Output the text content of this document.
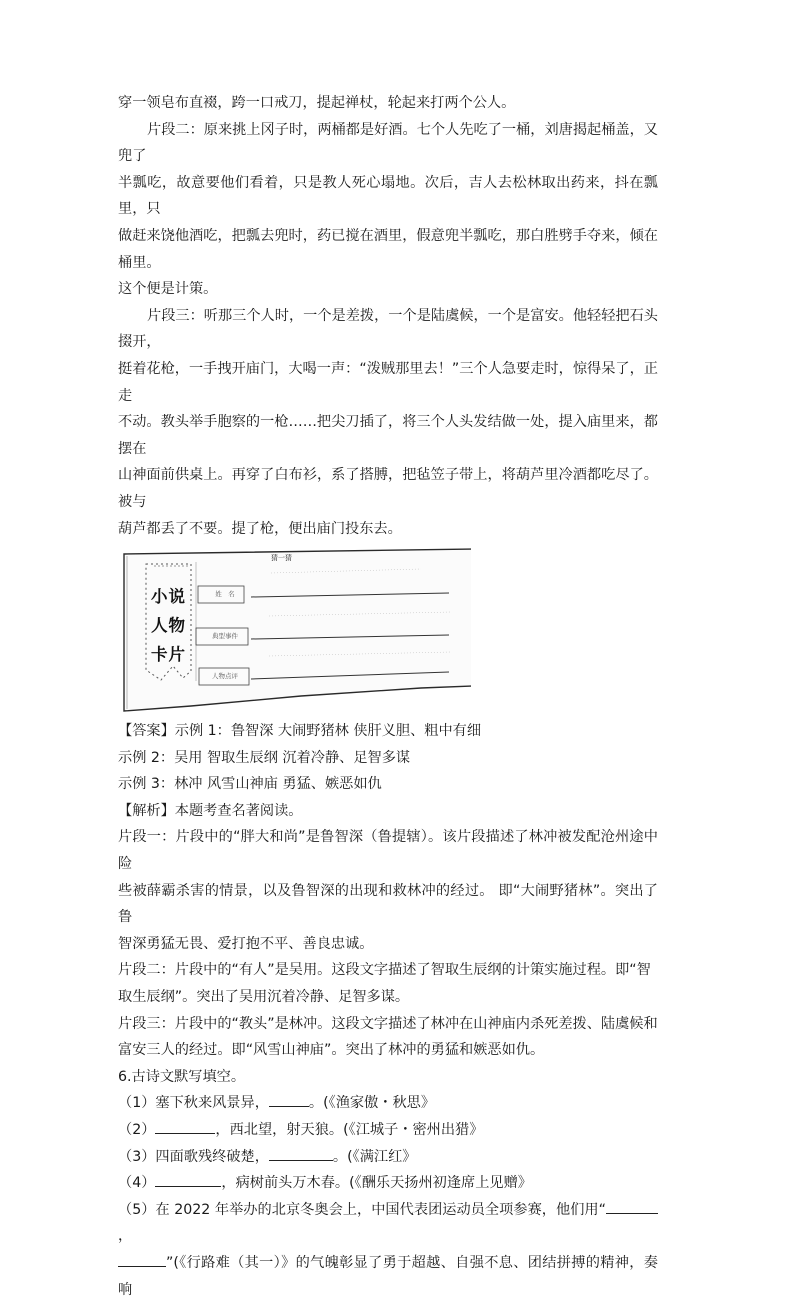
穿一领皂布直裰，跨一口戒刀，提起禅杖，轮起来打两个公人。

片段二：原来挑上冈子时，两桶都是好酒。七个人先吃了一桶，刘唐揭起桶盖，又兜了

半瓢吃，故意要他们看着，只是教人死心塌地。次后，吉人去松林取出药来，抖在瓢里，只

做赶来饶他酒吃，把瓢去兜时，药已搅在酒里，假意兜半瓢吃，那白胜劈手夺来，倾在桶里。

这个便是计策。

片段三：听那三个人时，一个是差拨，一个是陆虞候，一个是富安。他轻轻把石头掇开，

挺着花枪，一手拽开庙门，大喝一声：“泼贼那里去！”三个人急要走时，惊得呆了，正走

不动。教头举手胞察的一枪……把尖刀插了，将三个人头发结做一处，提入庙里来，都摆在

山神面前供桌上。再穿了白布衫，系了搭膊，把毡笠子带上，将葫芦里冷酒都吃尽了。被与

葫芦都丢了不要。提了枪，便出庙门投东去。

猜一猜
小说
人物
卡片
姓　名
典型事件
人物点评

【答案】示例 1：鲁智深 大闹野猪林 侠肝义胆、粗中有细

示例 2：吴用 智取生辰纲 沉着冷静、足智多谋

示例 3：林冲 风雪山神庙 勇猛、嫉恶如仇

【解析】本题考查名著阅读。

片段一：片段中的“胖大和尚”是鲁智深（鲁提辖）。该片段描述了林冲被发配沧州途中险

些被薛霸杀害的情景，以及鲁智深的出现和救林冲的经过。 即“大闹野猪林”。突出了鲁

智深勇猛无畏、爱打抱不平、善良忠诚。

片段二：片段中的“有人”是吴用。这段文字描述了智取生辰纲的计策实施过程。即“智

取生辰纲”。突出了吴用沉着冷静、足智多谋。

片段三：片段中的“教头”是林冲。这段文字描述了林冲在山神庙内杀死差拨、陆虞候和

富安三人的经过。即“风雪山神庙”。突出了林冲的勇猛和嫉恶如仇。

6.古诗文默写填空。

（1）塞下秋来风景异，	。(《渔家傲・秋思》

（2）	，西北望，射天狼。(《江城子・密州出猎》

（3）四面歌残终破楚，	。(《满江红》

（4）	，病树前头万木春。(《酬乐天扬州初逢席上见赠》

（5）在 2022 年举办的北京冬奥会上，中国代表团运动员全项参赛，他们用“，

”(《行路难（其一）》的气魄彰显了勇于超越、自强不息、团结拼搏的精神，奏响
